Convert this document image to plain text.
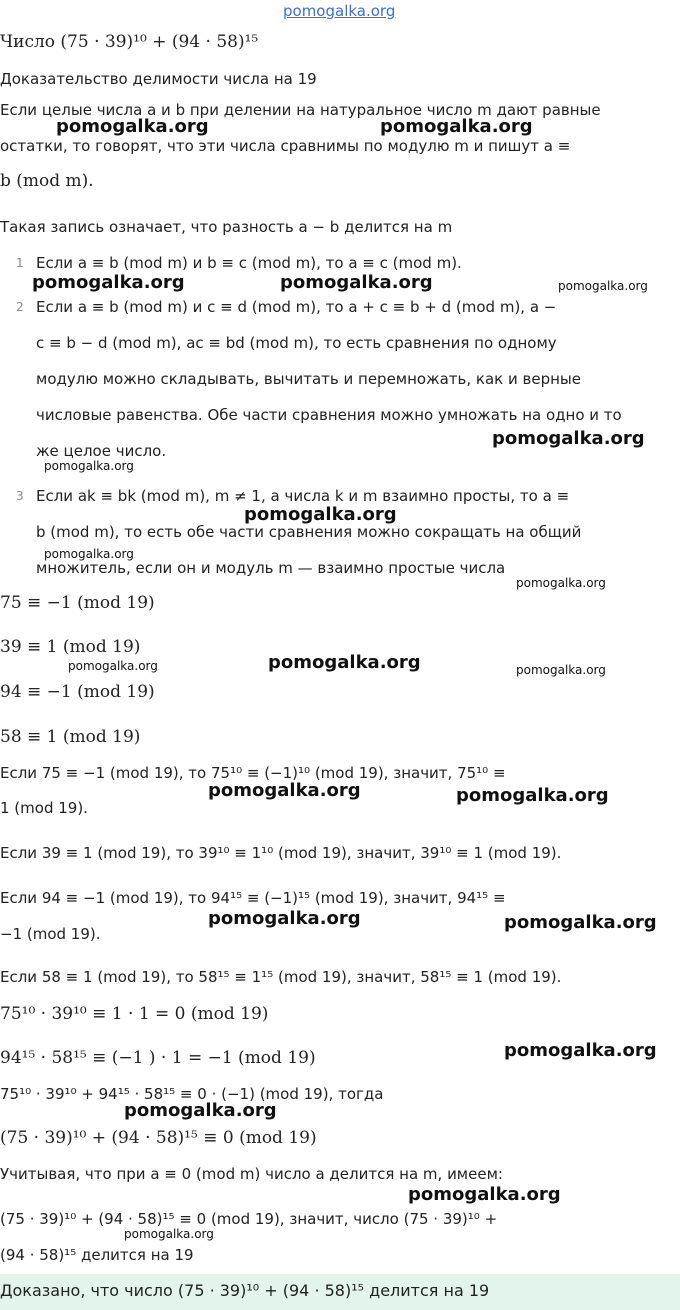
pomogalka.org
Число (75 · 39)¹⁰ + (94 · 58)¹⁵
Доказательство делимости числа на 19
Если целые числа a и b при делении на натуральное число m дают равные
остатки, то говорят, что эти числа сравнимы по модулю m и пишут a ≡
b (mod m).
Такая запись означает, что разность a − b делится на m
1 Если a ≡ b (mod m) и b ≡ c (mod m), то a ≡ c (mod m).
2 Если a ≡ b (mod m) и c ≡ d (mod m), то a + c ≡ b + d (mod m), a −
c ≡ b − d (mod m), ac ≡ bd (mod m), то есть сравнения по одному
модулю можно складывать, вычитать и перемножать, как и верные
числовые равенства. Обе части сравнения можно умножать на одно и то
же целое число.
3 Если ak ≡ bk (mod m), m ≠ 1, а числа k и m взаимно просты, то a ≡
b (mod m), то есть обе части сравнения можно сокращать на общий
множитель, если он и модуль m — взаимно простые числа
75 ≡ −1 (mod 19)
39 ≡ 1 (mod 19)
94 ≡ −1 (mod 19)
58 ≡ 1 (mod 19)
Если 75 ≡ −1 (mod 19), то 75¹⁰ ≡ (−1)¹⁰ (mod 19), значит, 75¹⁰ ≡
1 (mod 19).
Если 39 ≡ 1 (mod 19), то 39¹⁰ ≡ 1¹⁰ (mod 19), значит, 39¹⁰ ≡ 1 (mod 19).
Если 94 ≡ −1 (mod 19), то 94¹⁵ ≡ (−1)¹⁵ (mod 19), значит, 94¹⁵ ≡
−1 (mod 19).
Если 58 ≡ 1 (mod 19), то 58¹⁵ ≡ 1¹⁵ (mod 19), значит, 58¹⁵ ≡ 1 (mod 19).
75¹⁰ · 39¹⁰ ≡ 1 · 1 = 0 (mod 19)
94¹⁵ · 58¹⁵ ≡ (−1 ) · 1 = −1 (mod 19)
75¹⁰ · 39¹⁰ + 94¹⁵ · 58¹⁵ ≡ 0 · (−1) (mod 19), тогда
(75 · 39)¹⁰ + (94 · 58)¹⁵ ≡ 0 (mod 19)
Учитывая, что при a ≡ 0 (mod m) число a делится на m, имеем:
(75 · 39)¹⁰ + (94 · 58)¹⁵ ≡ 0 (mod 19), значит, число (75 · 39)¹⁰ +
(94 · 58)¹⁵ делится на 19
Доказано, что число (75 · 39)¹⁰ + (94 · 58)¹⁵ делится на 19
pomogalka.org	pomogalka.org
pomogalka.org	pomogalka.org	pomogalka.org
pomogalka.org
pomogalka.org
pomogalka.org
pomogalka.org
pomogalka.org
pomogalka.org	pomogalka.org	pomogalka.org
pomogalka.org	pomogalka.org
pomogalka.org	pomogalka.org
pomogalka.org
pomogalka.org
pomogalka.org
pomogalka.org
